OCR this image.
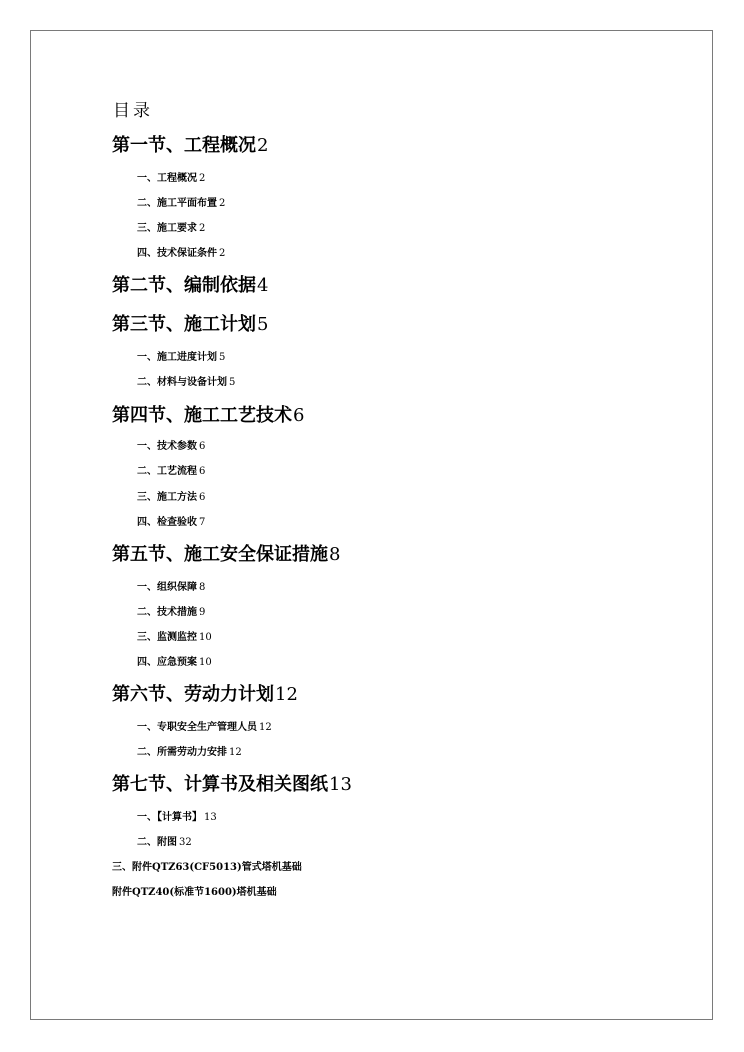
目录
第一节、工程概况2
一、工程概况 2
二、施工平面布置 2
三、施工要求 2
四、技术保证条件 2
第二节、编制依据4
第三节、施工计划5
一、施工进度计划 5
二、材料与设备计划 5
第四节、施工工艺技术6
一、技术参数 6
二、工艺流程 6
三、施工方法 6
四、检查验收 7
第五节、施工安全保证措施8
一、组织保障 8
二、技术措施 9
三、监测监控 10
四、应急预案 10
第六节、劳动力计划12
一、专职安全生产管理人员 12
二、所需劳动力安排 12
第七节、计算书及相关图纸13
一、【计算书】 13
二、附图 32
三、附件QTZ63(CF5013)管式塔机基础
附件QTZ40(标准节1600)塔机基础
